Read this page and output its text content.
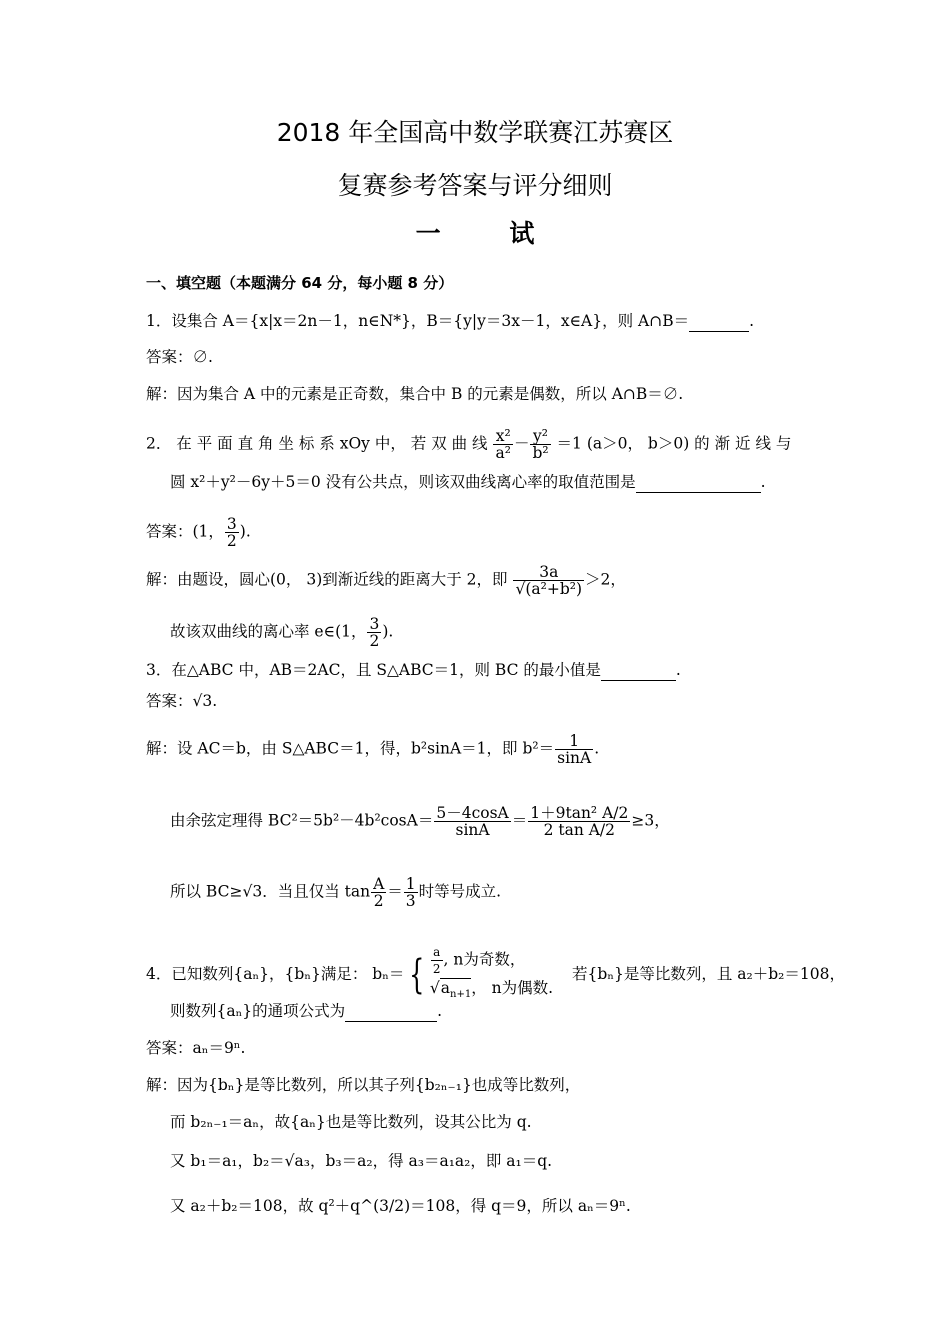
2018 年全国高中数学联赛江苏赛区
复赛参考答案与评分细则
一 试
一、填空题（本题满分 64 分，每小题 8 分）
1．设集合 A＝{x|x＝2n－1，n∈N*}，B＝{y|y＝3x－1，x∈A}，则 A∩B＝	.
答案：∅.
解：因为集合 A 中的元素是正奇数，集合中 B 的元素是偶数，所以 A∩B＝∅.
2． 在 平 面 直 角 坐 标 系 xOy 中， 若 双 曲 线 $\frac{\text{x²}}{\text{a²}} - \frac{\text{y²}}{\text{b²}} =1$ (a＞0， b＞0) 的 渐 近 线 与
圆 x²＋y²－6y＋5＝0 没有公共点，则该双曲线离心率的取值范围是	.
答案：(1， $\frac{3}{2}$ ).
解：由题设，圆心(0， 3)到渐近线的距离大于 2，即 $\frac{3a}{\text{√(a²+b²)}} >2$，
故该双曲线的离心率 e∈(1， $\frac{3}{2}$ ).
3．在△ABC 中，AB＝2AC，且 S△ABC＝1，则 BC 的最小值是	.
答案：√3.
解：设 AC＝b，由 S△ABC＝1，得，b²sinA＝1，即 $b^2= \frac{1}{\sin A}$ .
由余弦定理得 $BC^2=5b^2-4b^2\cos A= \frac{5-4\cos A}{\sin A} = \frac{\text{1＋9tan² A/2}}{\text{2 tan A/2}} \ge 3$，
所以 BC≥√3．当且仅当 $\tan \frac{A}{2} = \frac{1}{3}$ 时等号成立.
4．已知数列{aₙ}，{bₙ}满足： bₙ＝ { $\frac{a}{2}$ , n为奇数，
$√a_{n+1}$， n为偶数.
若{bₙ}是等比数列，且 a₂＋b₂＝108，
则数列{aₙ}的通项公式为	.
答案：aₙ＝9ⁿ.
解：因为{bₙ}是等比数列，所以其子列{b₂ₙ₋₁}也成等比数列，
而 b₂ₙ₋₁＝aₙ，故{aₙ}也是等比数列，设其公比为 q.
又 b₁＝a₁，b₂＝√a₃，b₃＝a₂，得 a₃＝a₁a₂，即 a₁＝q.
又 a₂＋b₂＝108，故 q²＋q^(3/2)＝108，得 q＝9，所以 aₙ＝9ⁿ.
